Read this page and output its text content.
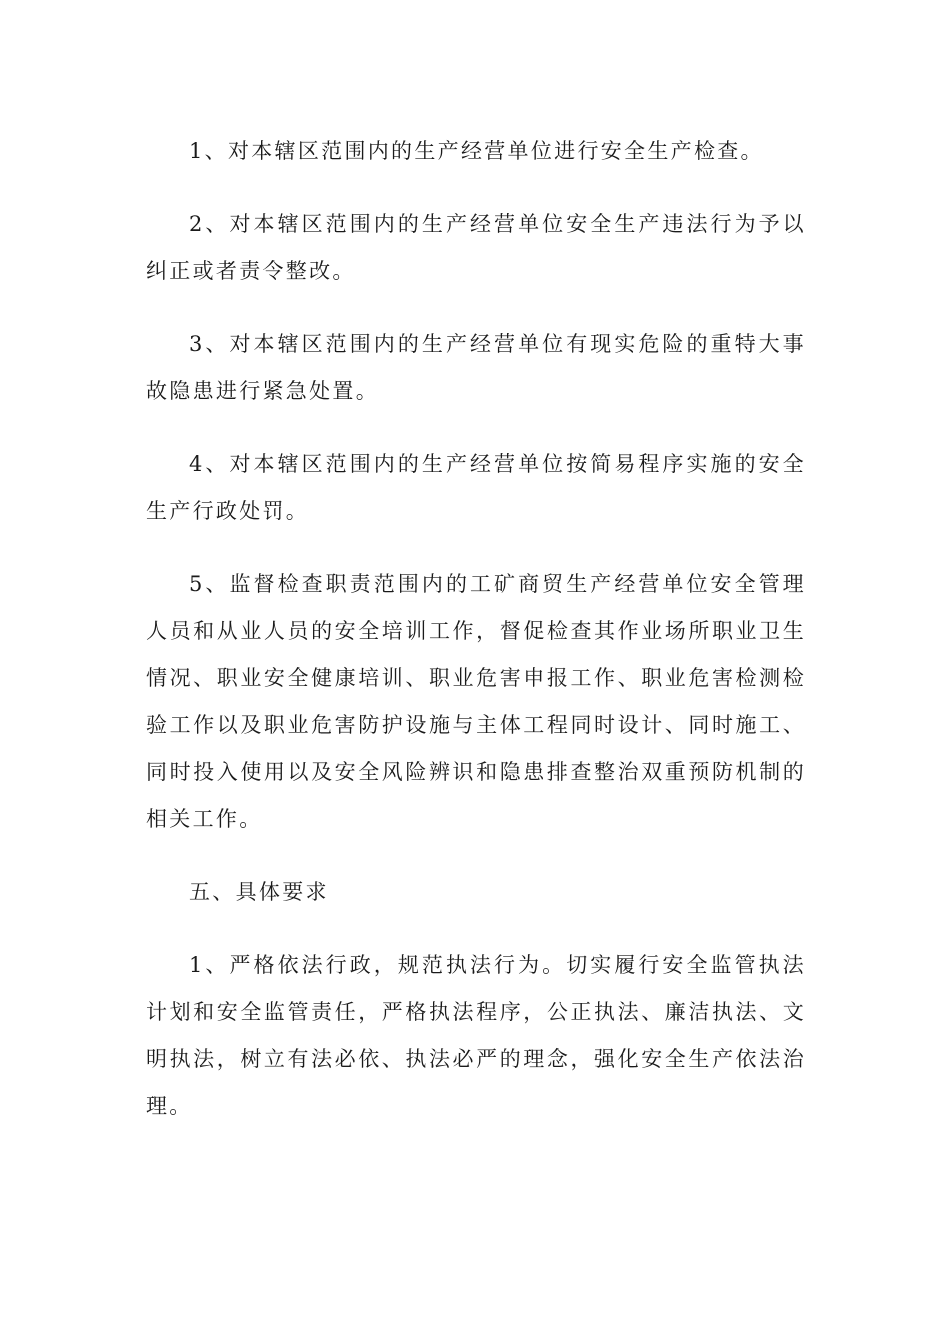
1、对本辖区范围内的生产经营单位进行安全生产检查。

2、对本辖区范围内的生产经营单位安全生产违法行为予以纠正或者责令整改。

3、对本辖区范围内的生产经营单位有现实危险的重特大事故隐患进行紧急处置。

4、对本辖区范围内的生产经营单位按简易程序实施的安全生产行政处罚。

5、监督检查职责范围内的工矿商贸生产经营单位安全管理人员和从业人员的安全培训工作，督促检查其作业场所职业卫生情况、职业安全健康培训、职业危害申报工作、职业危害检测检验工作以及职业危害防护设施与主体工程同时设计、同时施工、同时投入使用以及安全风险辨识和隐患排查整治双重预防机制的相关工作。

五、具体要求

1、严格依法行政，规范执法行为。切实履行安全监管执法计划和安全监管责任，严格执法程序，公正执法、廉洁执法、文明执法，树立有法必依、执法必严的理念，强化安全生产依法治理。
